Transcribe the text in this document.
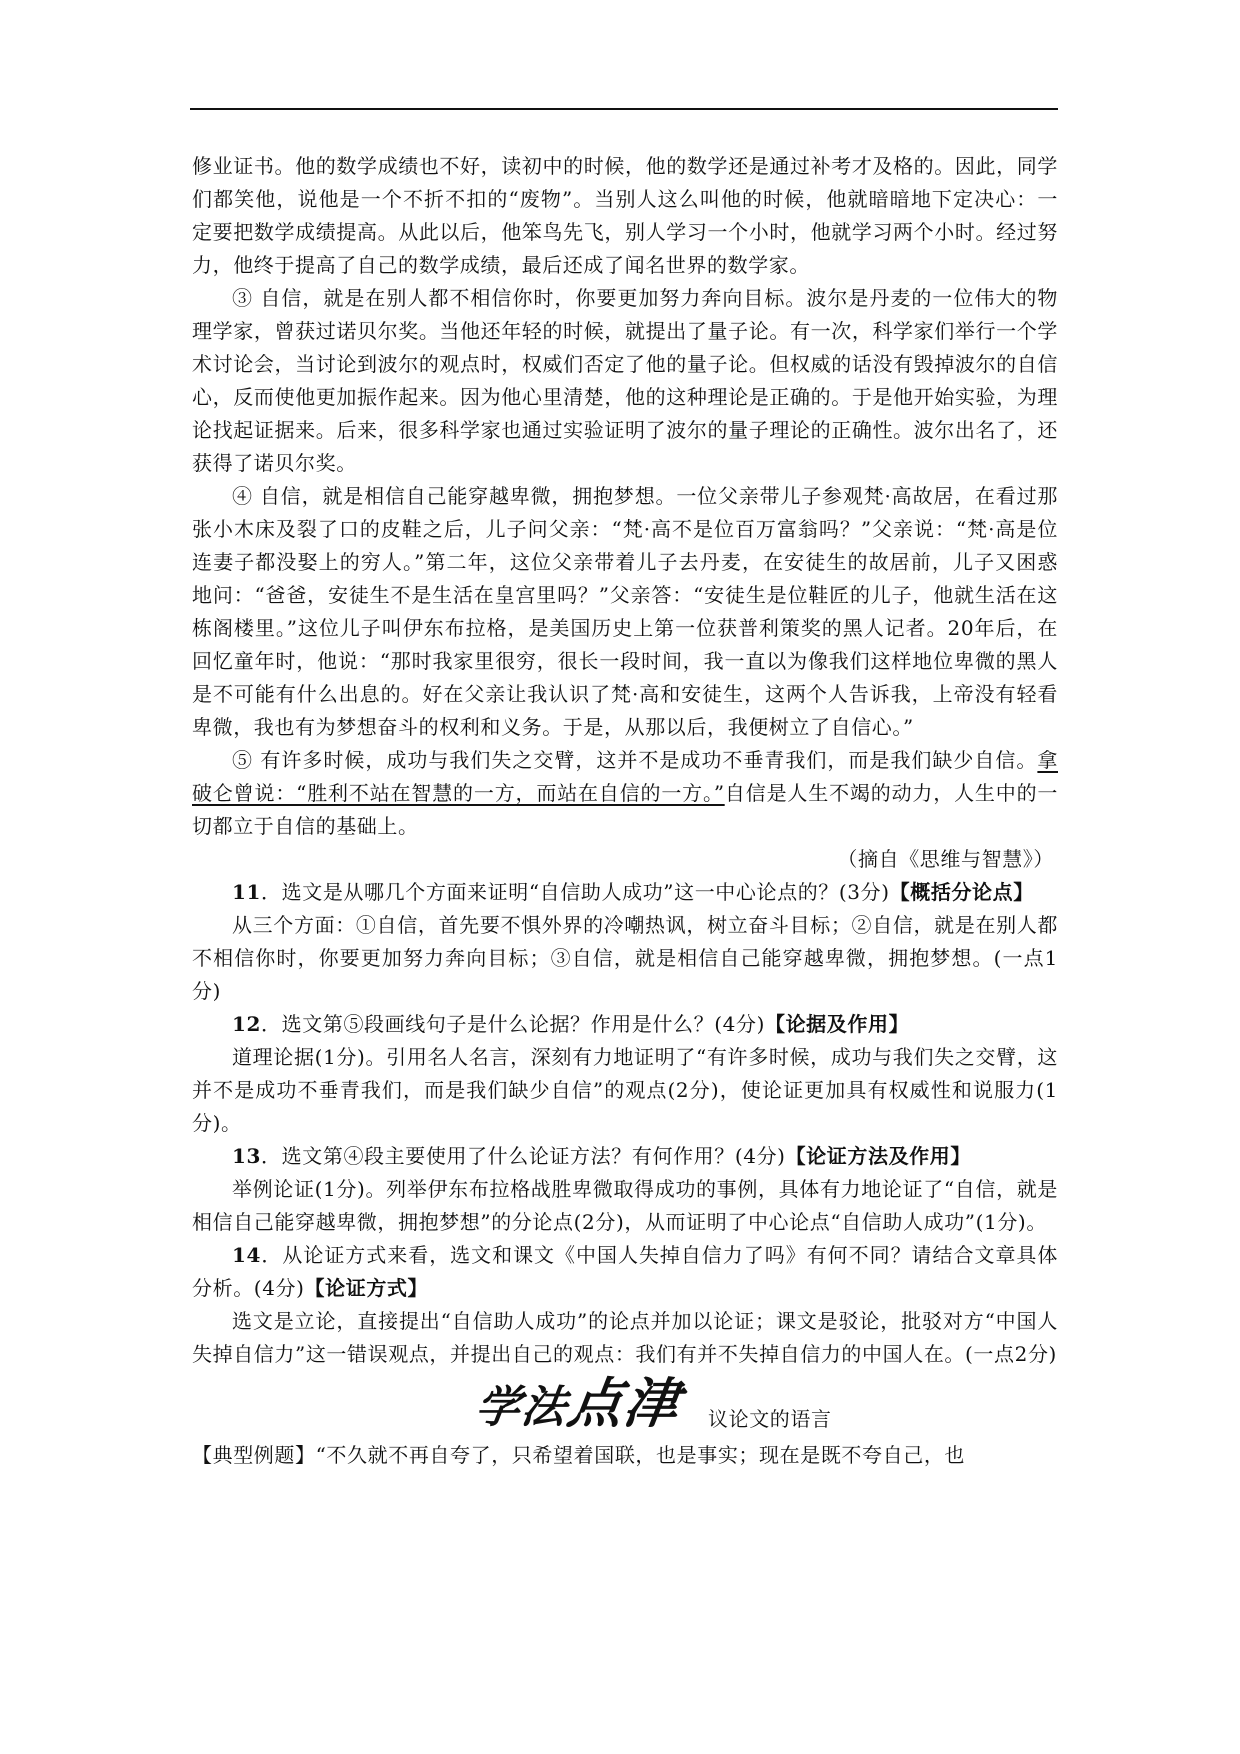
修业证书。他的数学成绩也不好，读初中的时候，他的数学还是通过补考才及格的。因此，同学们都笑他，说他是一个不折不扣的“废物”。当别人这么叫他的时候，他就暗暗地下定决心：一定要把数学成绩提高。从此以后，他笨鸟先飞，别人学习一个小时，他就学习两个小时。经过努力，他终于提高了自己的数学成绩，最后还成了闻名世界的数学家。

③ 自信，就是在别人都不相信你时，你要更加努力奔向目标。波尔是丹麦的一位伟大的物理学家，曾获过诺贝尔奖。当他还年轻的时候，就提出了量子论。有一次，科学家们举行一个学术讨论会，当讨论到波尔的观点时，权威们否定了他的量子论。但权威的话没有毁掉波尔的自信心，反而使他更加振作起来。因为他心里清楚，他的这种理论是正确的。于是他开始实验，为理论找起证据来。后来，很多科学家也通过实验证明了波尔的量子理论的正确性。波尔出名了，还获得了诺贝尔奖。

④ 自信，就是相信自己能穿越卑微，拥抱梦想。一位父亲带儿子参观梵·高故居，在看过那张小木床及裂了口的皮鞋之后，儿子问父亲：“梵·高不是位百万富翁吗？”父亲说：“梵·高是位连妻子都没娶上的穷人。”第二年，这位父亲带着儿子去丹麦，在安徒生的故居前，儿子又困惑地问：“爸爸，安徒生不是生活在皇宫里吗？”父亲答：“安徒生是位鞋匠的儿子，他就生活在这栋阁楼里。”这位儿子叫伊东布拉格，是美国历史上第一位获普利策奖的黑人记者。20年后，在回忆童年时，他说：“那时我家里很穷，很长一段时间，我一直以为像我们这样地位卑微的黑人是不可能有什么出息的。好在父亲让我认识了梵·高和安徒生，这两个人告诉我，上帝没有轻看卑微，我也有为梦想奋斗的权利和义务。于是，从那以后，我便树立了自信心。”

⑤ 有许多时候，成功与我们失之交臂，这并不是成功不垂青我们，而是我们缺少自信。拿破仑曾说：“胜利不站在智慧的一方，而站在自信的一方。”自信是人生不竭的动力，人生中的一切都立于自信的基础上。

（摘自《思维与智慧》）

11．选文是从哪几个方面来证明“自信助人成功”这一中心论点的？(3分)【概括分论点】

从三个方面：①自信，首先要不惧外界的冷嘲热讽，树立奋斗目标；②自信，就是在别人都不相信你时，你要更加努力奔向目标；③自信，就是相信自己能穿越卑微，拥抱梦想。(一点1分)

12．选文第⑤段画线句子是什么论据？作用是什么？(4分)【论据及作用】

道理论据(1分)。引用名人名言，深刻有力地证明了“有许多时候，成功与我们失之交臂，这并不是成功不垂青我们，而是我们缺少自信”的观点(2分)，使论证更加具有权威性和说服力(1分)。

13．选文第④段主要使用了什么论证方法？有何作用？(4分)【论证方法及作用】

举例论证(1分)。列举伊东布拉格战胜卑微取得成功的事例，具体有力地论证了“自信，就是相信自己能穿越卑微，拥抱梦想”的分论点(2分)，从而证明了中心论点“自信助人成功”(1分)。

14．从论证方式来看，选文和课文《中国人失掉自信力了吗》有何不同？请结合文章具体分析。(4分)【论证方式】

选文是立论，直接提出“自信助人成功”的论点并加以论证；课文是驳论，批驳对方“中国人失掉自信力”这一错误观点，并提出自己的观点：我们有并不失掉自信力的中国人在。(一点2分)

学法点津 议论文的语言

【典型例题】“不久就不再自夸了，只希望着国联，也是事实；现在是既不夸自己，也
